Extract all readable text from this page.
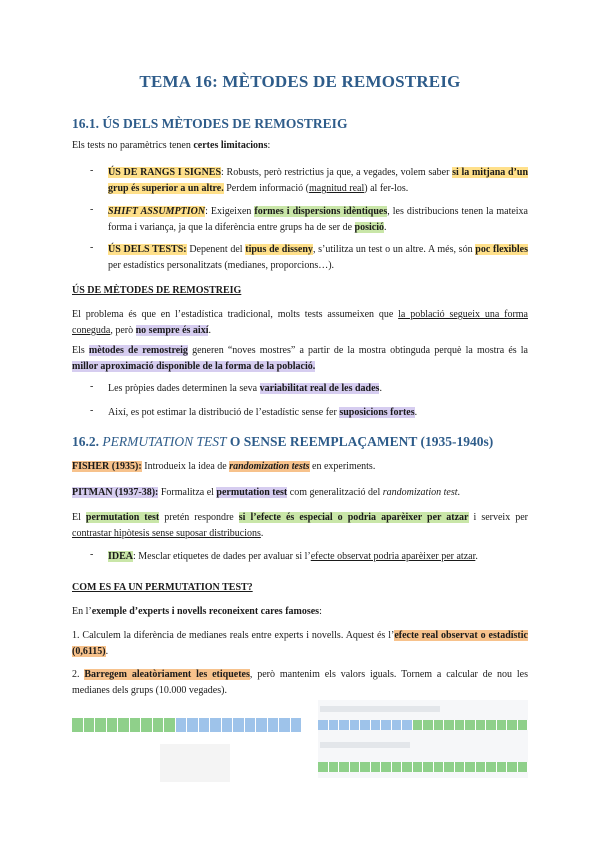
TEMA 16: MÈTODES DE REMOSTREIG
16.1. ÚS DELS MÈTODES DE REMOSTREIG
Els tests no paramètrics tenen certes limitacions:
- ÚS DE RANGS I SIGNES: Robusts, però restrictius ja que, a vegades, volem saber si la mitjana d’un grup és superior a un altre. Perdem informació (magnitud real) al fer-los.
- SHIFT ASSUMPTION: Exigeixen formes i dispersions idèntiques, les distribucions tenen la mateixa forma i variança, ja que la diferència entre grups ha de ser de posició.
- ÚS DELS TESTS: Depenent del tipus de disseny, s’utilitza un test o un altre. A més, són poc flexibles per estadístics personalitzats (medianes, proporcions…).
ÚS DE MÈTODES DE REMOSTREIG
El problema és que en l’estadística tradicional, molts tests assumeixen que la població segueix una forma coneguda, però no sempre és així.
Els mètodes de remostreig generen “noves mostres” a partir de la mostra obtinguda perquè la mostra és la millor aproximació disponible de la forma de la població.
- Les pròpies dades determinen la seva variabilitat real de les dades.
- Així, es pot estimar la distribució de l’estadístic sense fer suposicions fortes.
16.2. PERMUTATION TEST O SENSE REEMPLAÇAMENT (1935-1940s)
FISHER (1935): Introdueix la idea de randomization tests en experiments.
PITMAN (1937-38): Formalitza el permutation test com generalització del randomization test.
El permutation test pretén respondre si l’efecte és especial o podria aparèixer per atzar i serveix per contrastar hipòtesis sense suposar distribucions.
- IDEA: Mesclar etiquetes de dades per avaluar si l’efecte observat podria aparèixer per atzar.
COM ES FA UN PERMUTATION TEST?
En l’exemple d’experts i novells reconeixent cares famoses:
1. Calculem la diferència de medianes reals entre experts i novells. Aquest és l’efecte real observat o estadístic (0,6115).
2. Barregem aleatòriament les etiquetes, però mantenim els valors iguals. Tornem a calcular de nou les medianes dels grups (10.000 vegades).
